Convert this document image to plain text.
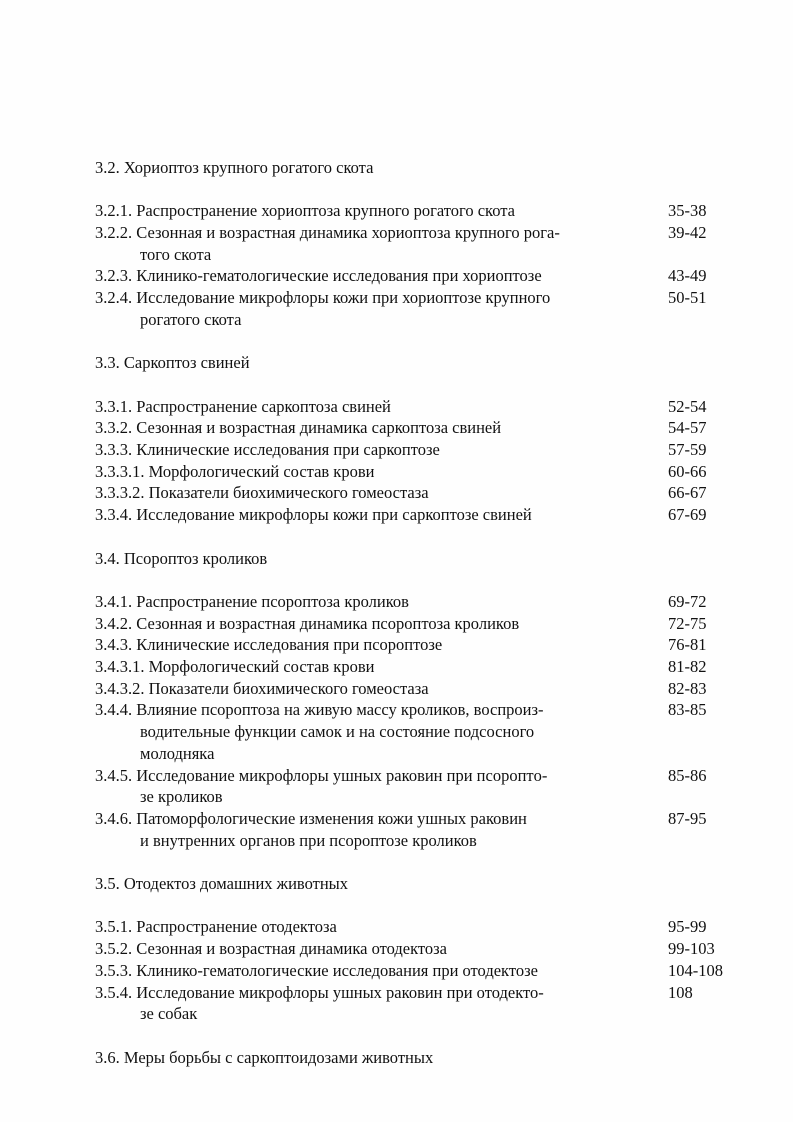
3.2. Хориоптоз крупного рогатого скота
3.2.1. Распространение хориоптоза крупного рогатого скота	35-38
3.2.2. Сезонная и возрастная динамика хориоптоза крупного рога-
того скота
39-42
3.2.3. Клинико-гематологические исследования при хориоптозе	43-49
3.2.4. Исследование микрофлоры кожи при хориоптозе крупного
рогатого скота
50-51
3.3. Саркоптоз свиней
3.3.1. Распространение саркоптоза свиней	52-54
3.3.2. Сезонная и возрастная динамика саркоптоза свиней	54-57
3.3.3. Клинические исследования при саркоптозе	57-59
3.3.3.1. Морфологический состав крови	60-66
3.3.3.2. Показатели биохимического гомеостаза	66-67
3.3.4. Исследование микрофлоры кожи при саркоптозе свиней	67-69
3.4. Псороптоз кроликов
3.4.1. Распространение псороптоза кроликов	69-72
3.4.2. Сезонная и возрастная динамика псороптоза кроликов	72-75
3.4.3. Клинические исследования при псороптозе	76-81
3.4.3.1. Морфологический состав крови	81-82
3.4.3.2. Показатели биохимического гомеостаза	82-83
3.4.4. Влияние псороптоза на живую массу кроликов, воспроиз-
водительные функции самок и на состояние подсосного
молодняка
83-85
3.4.5. Исследование микрофлоры ушных раковин при псороптo-
зе кроликов
85-86
3.4.6. Патоморфологические изменения кожи ушных раковин
и внутренних органов при псороптозе кроликов
87-95
3.5. Отодектоз домашних животных
3.5.1. Распространение отодектоза	95-99
3.5.2. Сезонная и возрастная динамика отодектоза	99-103
3.5.3. Клинико-гематологические исследования при отодектозе	104-108
3.5.4. Исследование микрофлоры ушных раковин при отодекто-
зе собак
108
3.6. Меры борьбы с саркоптоидозами животных
